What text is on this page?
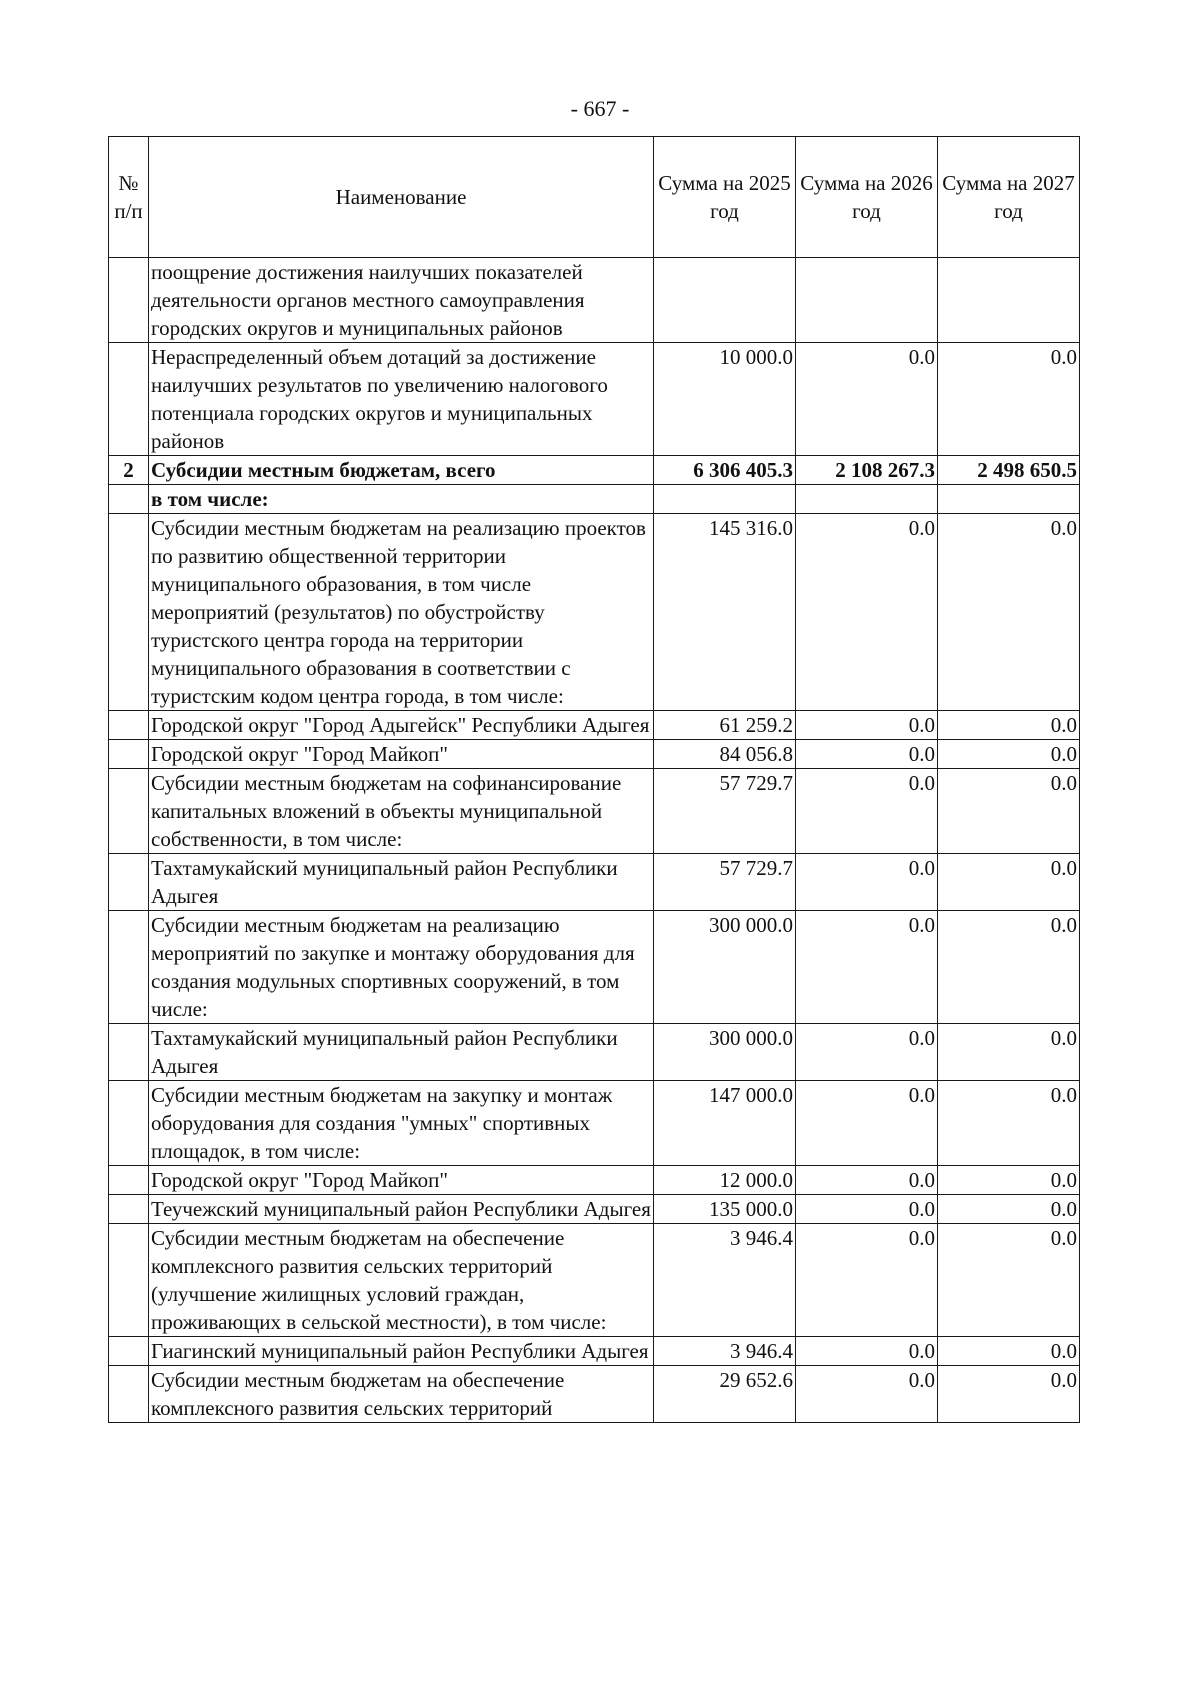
- 667 -
№ п/п	Наименование	Сумма на 2025 год	Сумма на 2026 год	Сумма на 2027 год
	поощрение достижения наилучших показателей деятельности органов местного самоуправления городских округов и муниципальных районов			
	Нераспределенный объем дотаций за достижение наилучших результатов по увеличению налогового потенциала городских округов и муниципальных районов	10 000.0	0.0	0.0
2	Субсидии местным бюджетам, всего	6 306 405.3	2 108 267.3	2 498 650.5
	в том числе:			
	Субсидии местным бюджетам на реализацию проектов по развитию общественной территории муниципального образования, в том числе мероприятий (результатов) по обустройству туристского центра города на территории муниципального образования в соответствии с туристским кодом центра города, в том числе:	145 316.0	0.0	0.0
	Городской округ "Город Адыгейск" Республики Адыгея	61 259.2	0.0	0.0
	Городской округ "Город Майкоп"	84 056.8	0.0	0.0
	Субсидии местным бюджетам на софинансирование капитальных вложений в объекты муниципальной собственности, в том числе:	57 729.7	0.0	0.0
	Тахтамукайский муниципальный район Республики Адыгея	57 729.7	0.0	0.0
	Субсидии местным бюджетам на реализацию мероприятий по закупке и монтажу оборудования для создания модульных спортивных сооружений, в том числе:	300 000.0	0.0	0.0
	Тахтамукайский муниципальный район Республики Адыгея	300 000.0	0.0	0.0
	Субсидии местным бюджетам на закупку и монтаж оборудования для создания "умных" спортивных площадок, в том числе:	147 000.0	0.0	0.0
	Городской округ "Город Майкоп"	12 000.0	0.0	0.0
	Теучежский муниципальный район Республики Адыгея	135 000.0	0.0	0.0
	Субсидии местным бюджетам на обеспечение комплексного развития сельских территорий (улучшение жилищных условий граждан, проживающих в сельской местности), в том числе:	3 946.4	0.0	0.0
	Гиагинский муниципальный район Республики Адыгея	3 946.4	0.0	0.0
	Субсидии местным бюджетам на обеспечение комплексного развития сельских территорий	29 652.6	0.0	0.0
